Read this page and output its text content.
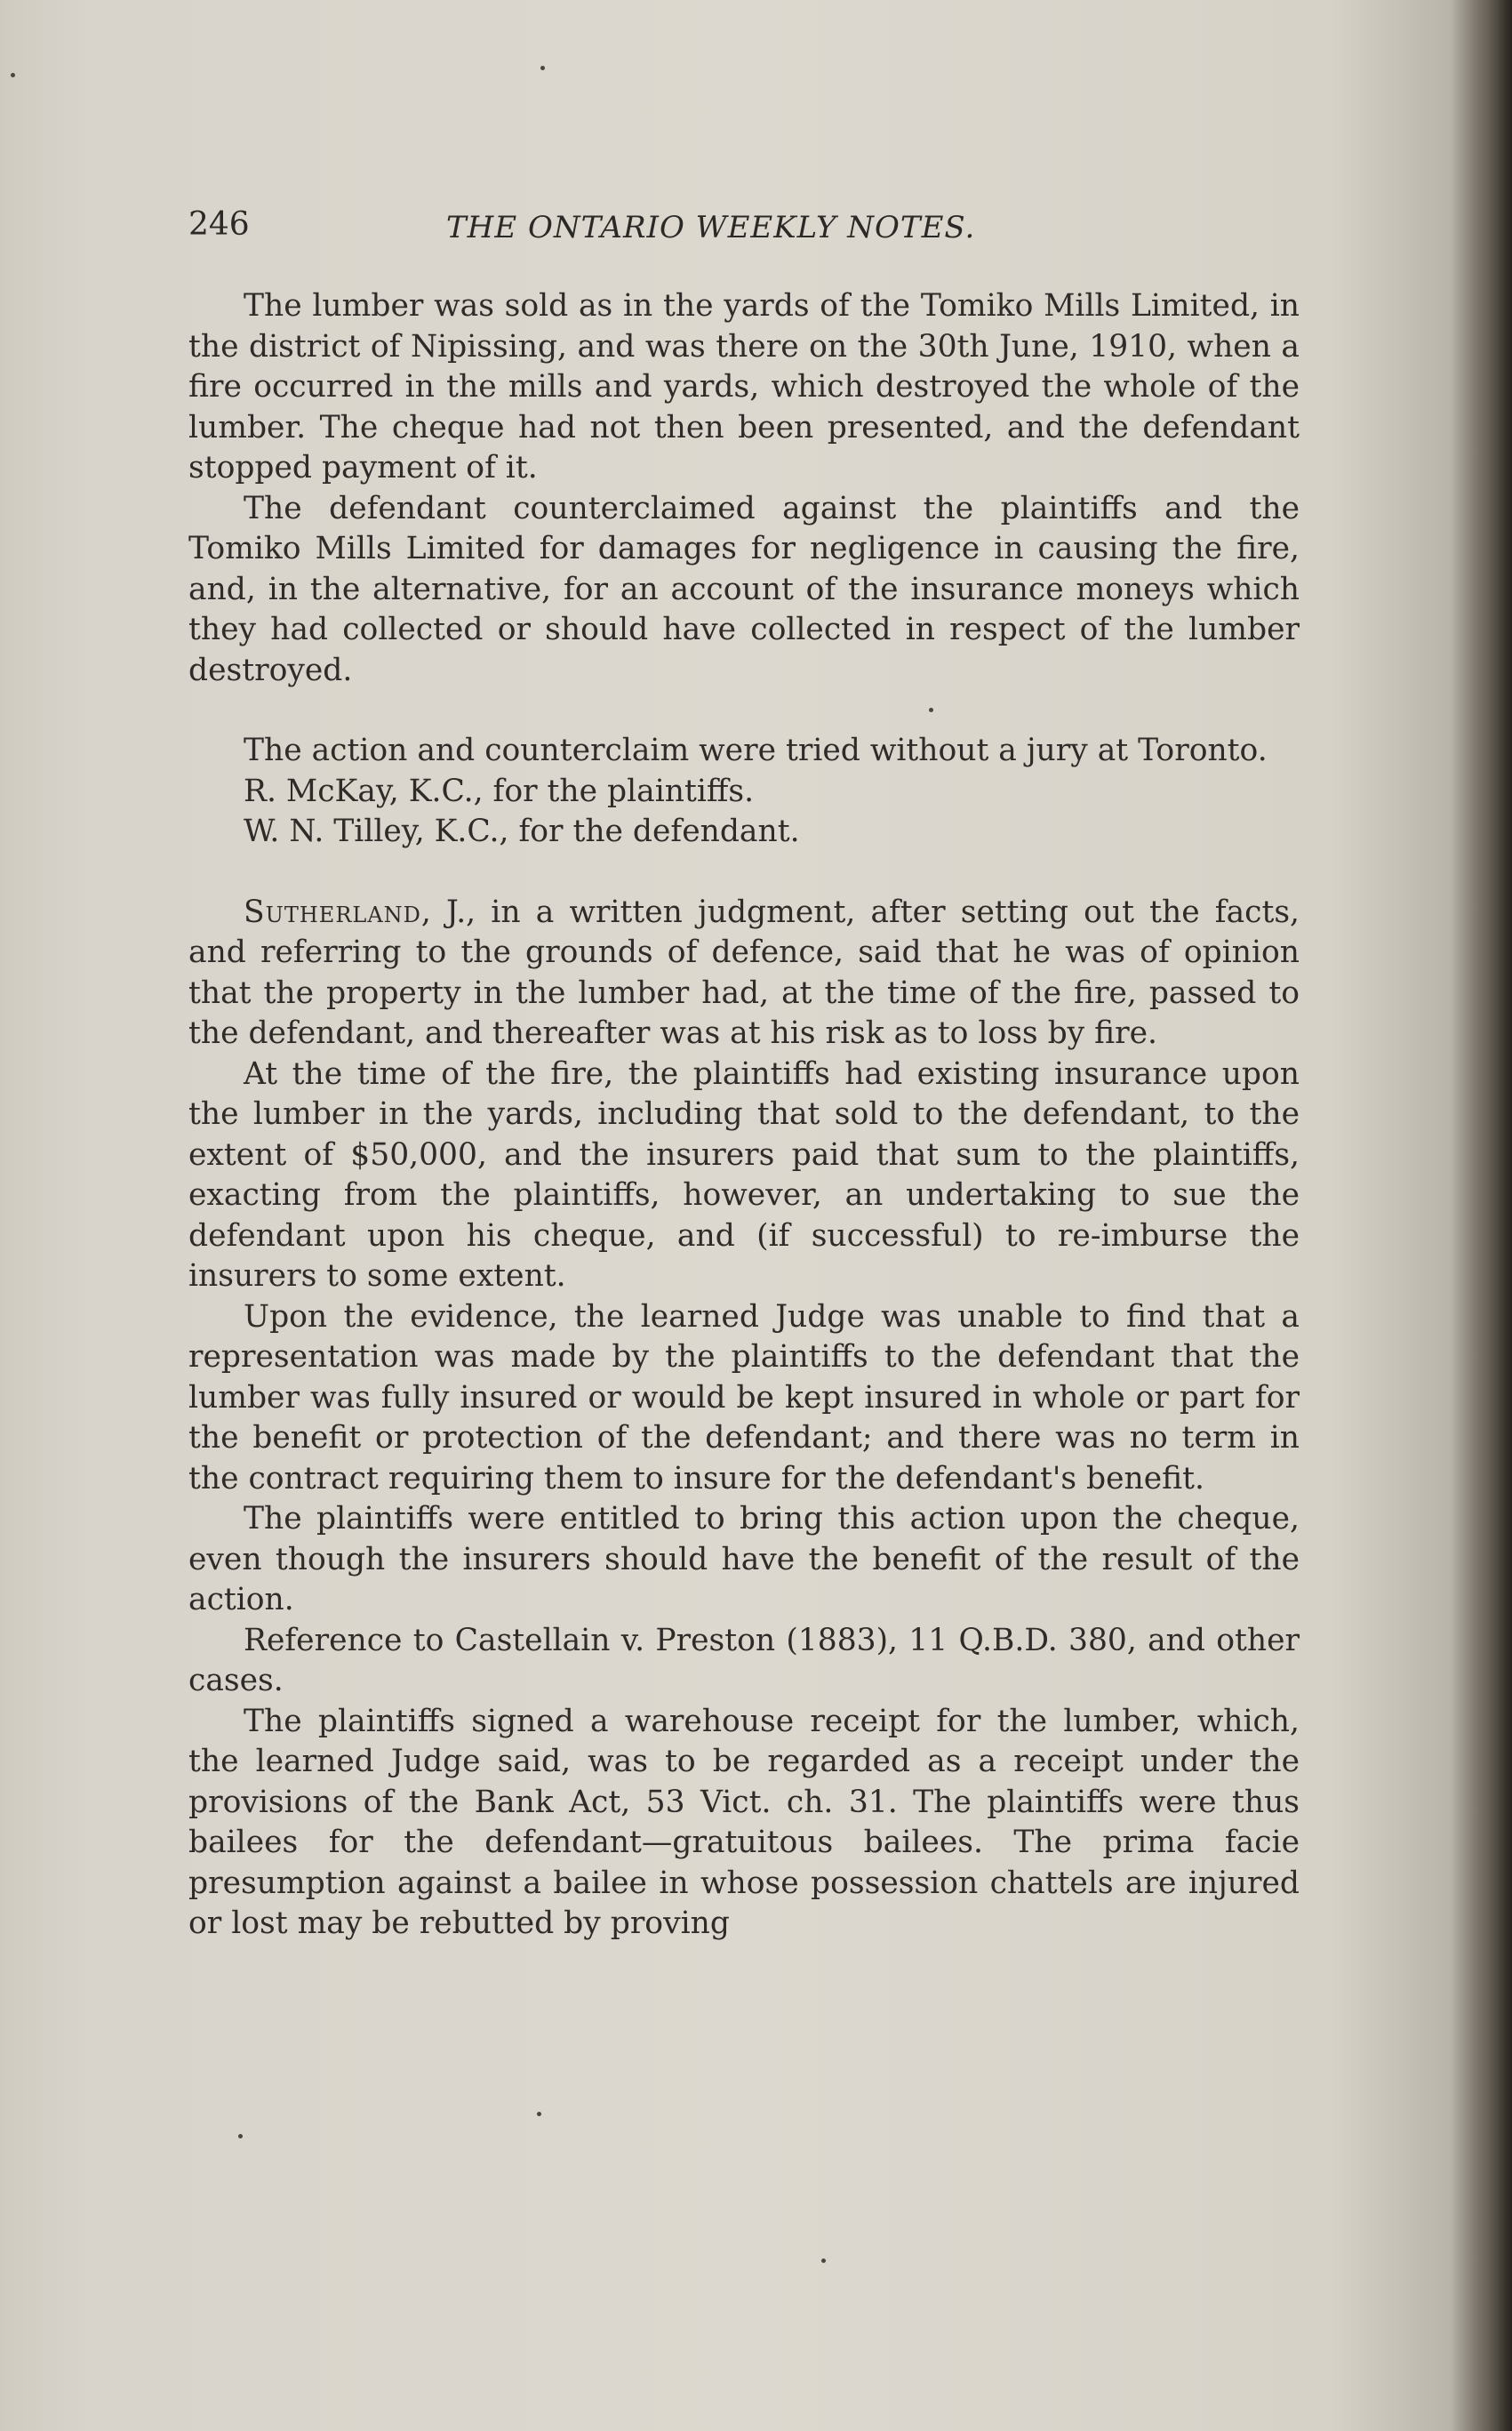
246	THE ONTARIO WEEKLY NOTES.

The lumber was sold as in the yards of the Tomiko Mills Limited, in the district of Nipissing, and was there on the 30th June, 1910, when a fire occurred in the mills and yards, which destroyed the whole of the lumber. The cheque had not then been presented, and the defendant stopped payment of it.

The defendant counterclaimed against the plaintiffs and the Tomiko Mills Limited for damages for negligence in causing the fire, and, in the alternative, for an account of the insurance moneys which they had collected or should have collected in respect of the lumber destroyed.

The action and counterclaim were tried without a jury at Toronto.

R. McKay, K.C., for the plaintiffs.

W. N. Tilley, K.C., for the defendant.

Sutherland, J., in a written judgment, after setting out the facts, and referring to the grounds of defence, said that he was of opinion that the property in the lumber had, at the time of the fire, passed to the defendant, and thereafter was at his risk as to loss by fire.

At the time of the fire, the plaintiffs had existing insurance upon the lumber in the yards, including that sold to the defendant, to the extent of $50,000, and the insurers paid that sum to the plaintiffs, exacting from the plaintiffs, however, an undertaking to sue the defendant upon his cheque, and (if successful) to re-imburse the insurers to some extent.

Upon the evidence, the learned Judge was unable to find that a representation was made by the plaintiffs to the defendant that the lumber was fully insured or would be kept insured in whole or part for the benefit or protection of the defendant; and there was no term in the contract requiring them to insure for the defendant's benefit.

The plaintiffs were entitled to bring this action upon the cheque, even though the insurers should have the benefit of the result of the action.

Reference to Castellain v. Preston (1883), 11 Q.B.D. 380, and other cases.

The plaintiffs signed a warehouse receipt for the lumber, which, the learned Judge said, was to be regarded as a receipt under the provisions of the Bank Act, 53 Vict. ch. 31. The plaintiffs were thus bailees for the defendant—gratuitous bailees. The prima facie presumption against a bailee in whose possession chattels are injured or lost may be rebutted by proving
